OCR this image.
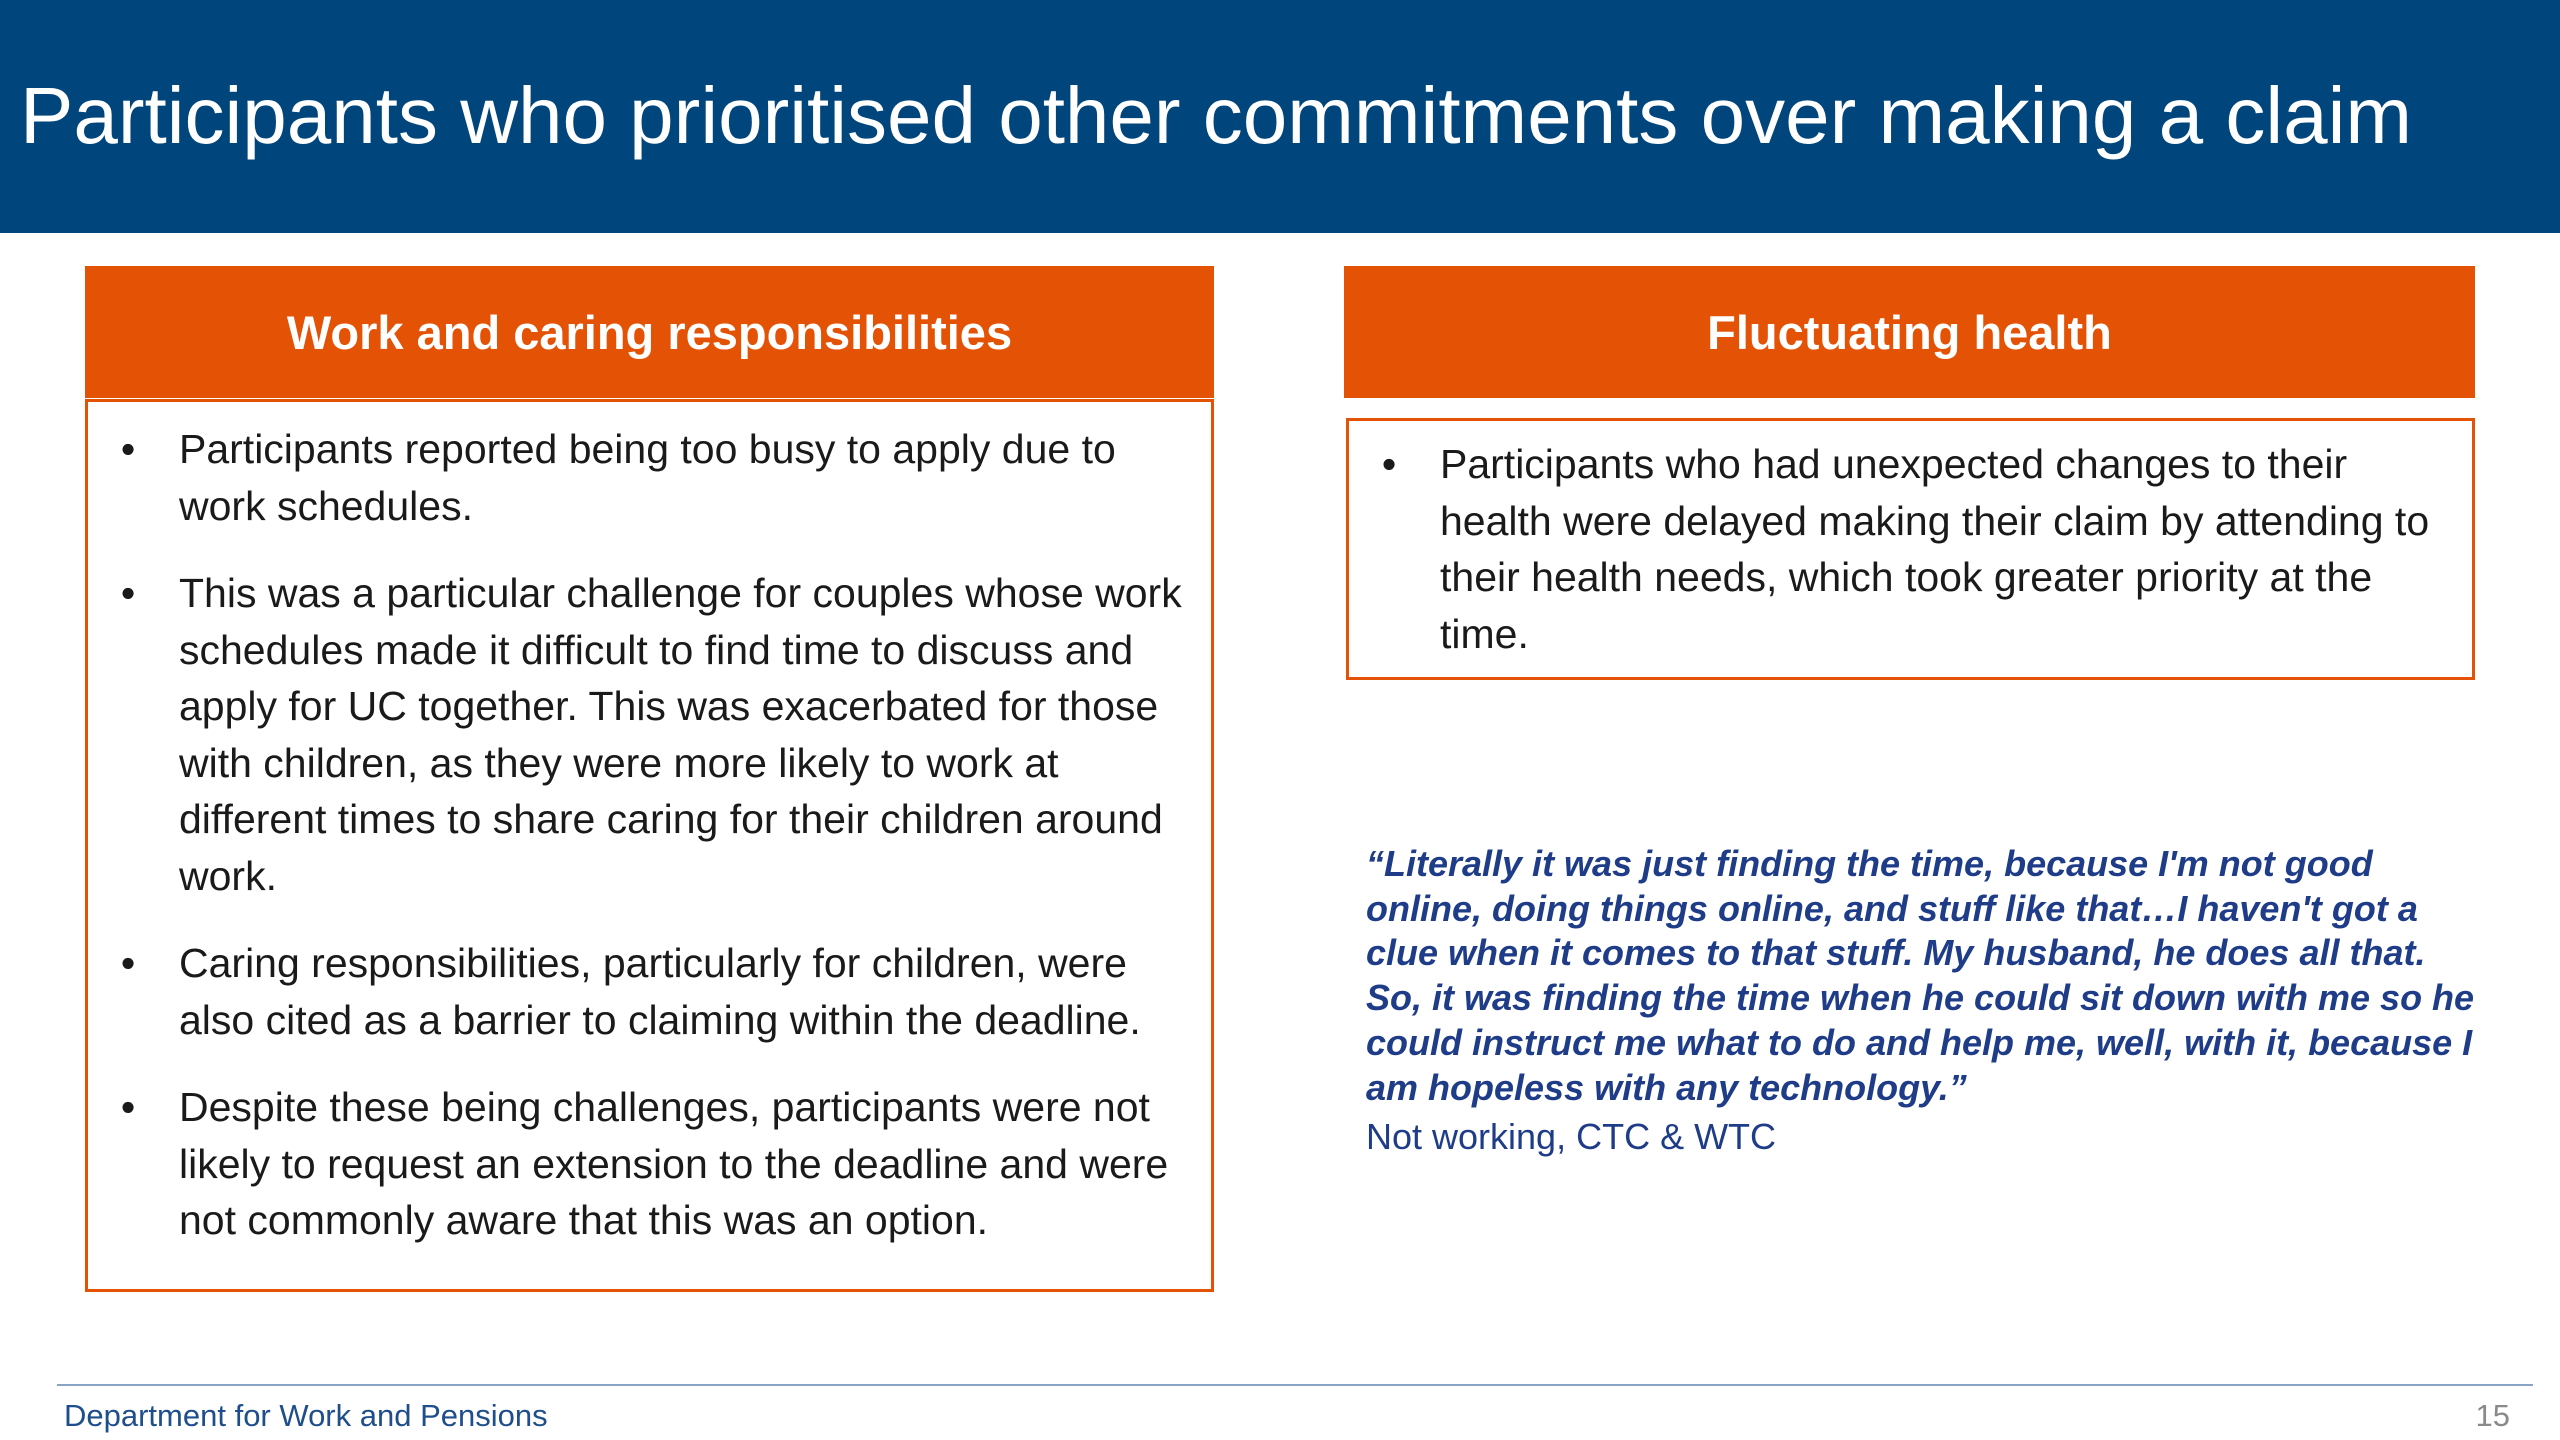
Participants who prioritised other commitments over making a claim
Work and caring responsibilities
• Participants reported being too busy to apply due to work schedules.
• This was a particular challenge for couples whose work schedules made it difficult to find time to discuss and apply for UC together. This was exacerbated for those with children, as they were more likely to work at different times to share caring for their children around work.
• Caring responsibilities, particularly for children, were also cited as a barrier to claiming within the deadline.
• Despite these being challenges, participants were not likely to request an extension to the deadline and were not commonly aware that this was an option.
Fluctuating health
• Participants who had unexpected changes to their health were delayed making their claim by attending to their health needs, which took greater priority at the time.

“Literally it was just finding the time, because I'm not good online, doing things online, and stuff like that…I haven't got a clue when it comes to that stuff. My husband, he does all that. So, it was finding the time when he could sit down with me so he could instruct me what to do and help me, well, with it, because I am hopeless with any technology.”

Not working, CTC & WTC
Department for Work and Pensions	15
